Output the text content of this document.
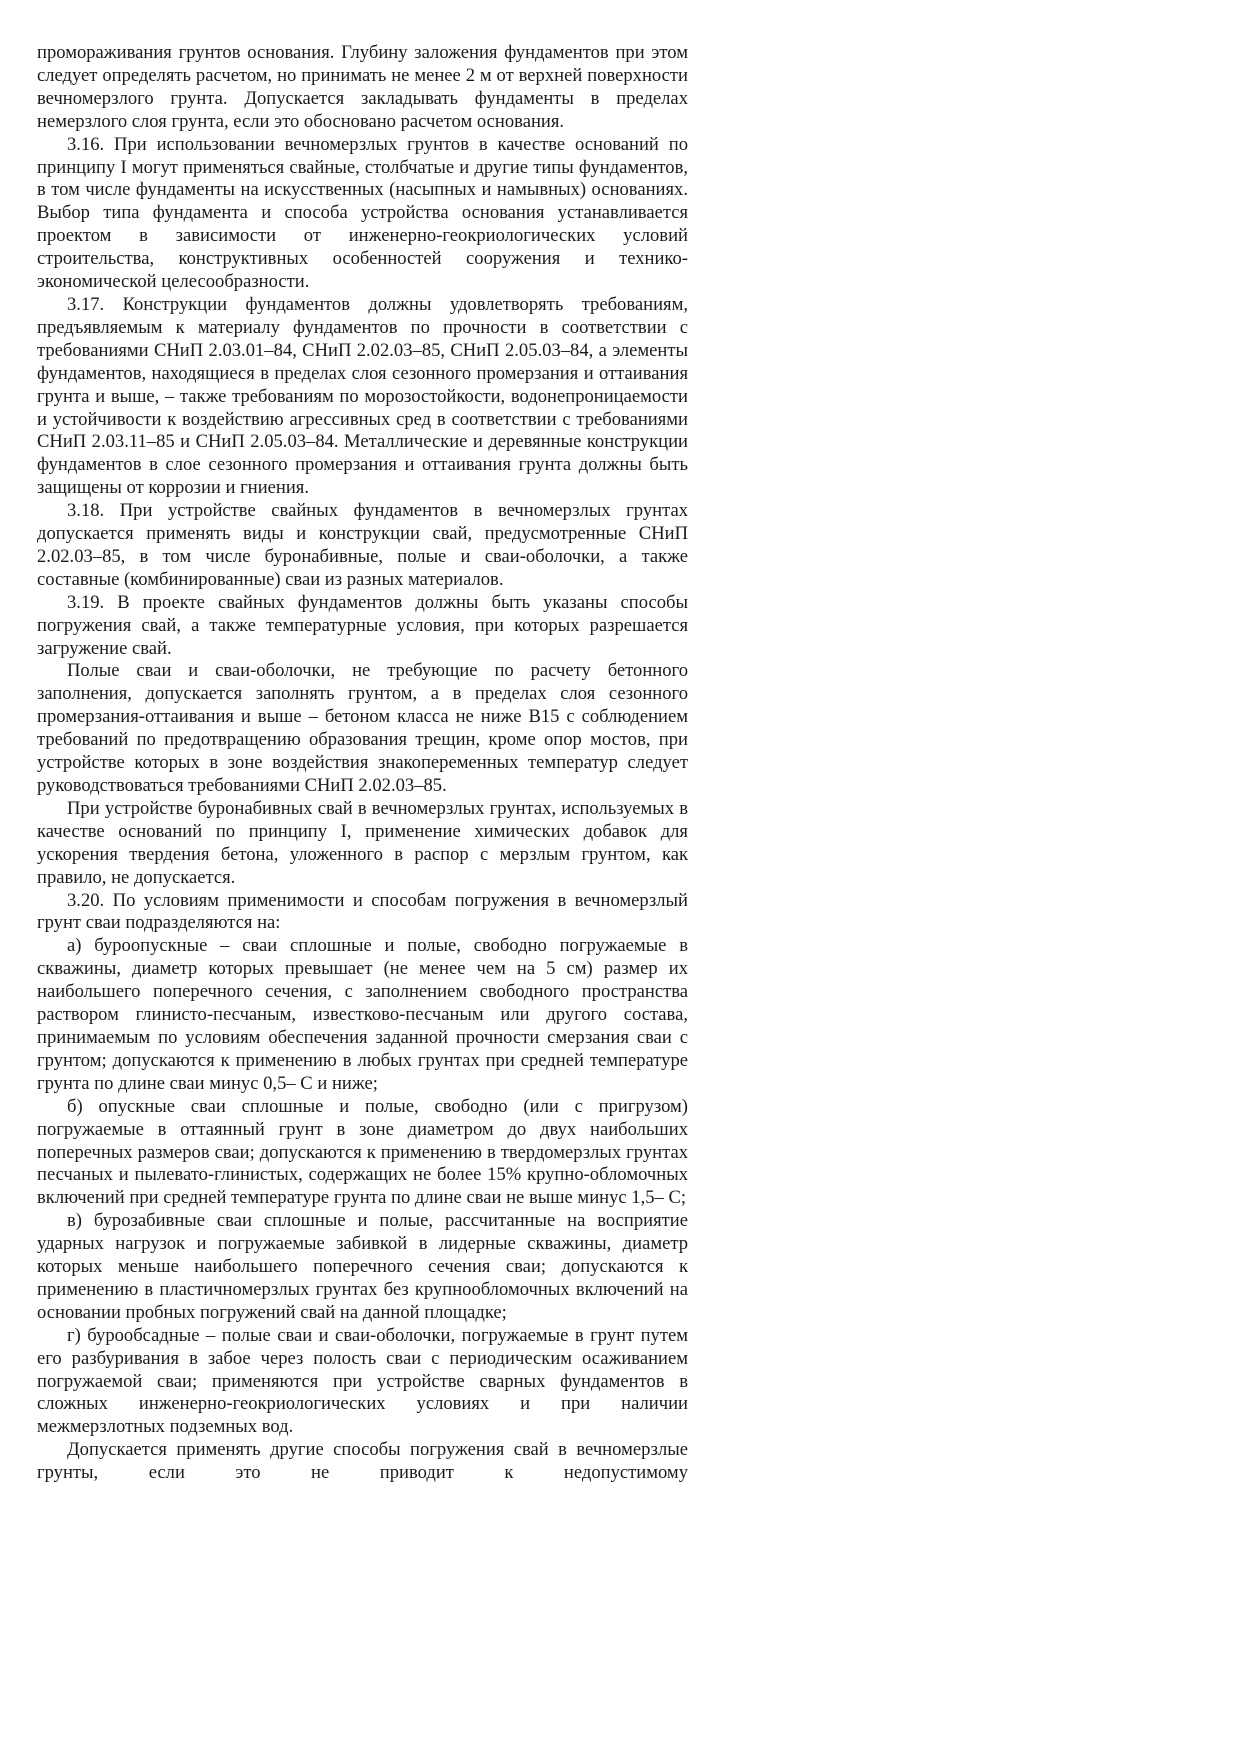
промораживания грунтов основания. Глубину заложения фундаментов при этом следует определять расчетом, но принимать не менее 2 м от верхней поверхности вечномерзлого грунта. Допускается закладывать фундаменты в пределах немерзлого слоя грунта, если это обосновано расчетом основания.

3.16. При использовании вечномерзлых грунтов в качестве оснований по принципу I могут применяться свайные, столбчатые и другие типы фундаментов, в том числе фундаменты на искусственных (насыпных и намывных) основаниях. Выбор типа фундамента и способа устройства основания устанавливается проектом в зависимости от инженерно-геокриологических условий строительства, конструктивных особенностей сооружения и технико-экономической целесообразности.

3.17. Конструкции фундаментов должны удовлетворять требованиям, предъявляемым к материалу фундаментов по прочности в соответствии с требованиями СНиП 2.03.01–84, СНиП 2.02.03–85, СНиП 2.05.03–84, а элементы фундаментов, находящиеся в пределах слоя сезонного промерзания и оттаивания грунта и выше, – также требованиям по морозостойкости, водонепроницаемости и устойчивости к воздействию агрессивных сред в соответствии с требованиями СНиП 2.03.11–85 и СНиП 2.05.03–84. Металлические и деревянные конструкции фундаментов в слое сезонного промерзания и оттаивания грунта должны быть защищены от коррозии и гниения.

3.18. При устройстве свайных фундаментов в вечномерзлых грунтах допускается применять виды и конструкции свай, предусмотренные СНиП 2.02.03–85, в том числе буронабивные, полые и сваи-оболочки, а также составные (комбинированные) сваи из разных материалов.

3.19. В проекте свайных фундаментов должны быть указаны способы погружения свай, а также температурные условия, при которых разрешается загружение свай.

Полые сваи и сваи-оболочки, не требующие по расчету бетонного заполнения, допускается заполнять грунтом, а в пределах слоя сезонного промерзания-оттаивания и выше – бетоном класса не ниже В15 с соблюдением требований по предотвращению образования трещин, кроме опор мостов, при устройстве которых в зоне воздействия знакопеременных температур следует руководствоваться требованиями СНиП 2.02.03–85.

При устройстве буронабивных свай в вечномерзлых грунтах, используемых в качестве оснований по принципу I, применение химических добавок для ускорения твердения бетона, уложенного в распор с мерзлым грунтом, как правило, не допускается.

3.20. По условиям применимости и способам погружения в вечномерзлый грунт сваи подразделяются на:

а) буроопускные – сваи сплошные и полые, свободно погружаемые в скважины, диаметр которых превышает (не менее чем на 5 см) размер их наибольшего поперечного сечения, с заполнением свободного пространства раствором глинисто-песчаным, известково-песчаным или другого состава, принимаемым по условиям обеспечения заданной прочности смерзания сваи с грунтом; допускаются к применению в любых грунтах при средней температуре грунта по длине сваи минус 0,5– С и ниже;

б) опускные сваи сплошные и полые, свободно (или с пригрузом) погружаемые в оттаянный грунт в зоне диаметром до двух наибольших поперечных размеров сваи; допускаются к применению в твердомерзлых грунтах песчаных и пылевато-глинистых, содержащих не более 15% крупно-обломочных включений при средней температуре грунта по длине сваи не выше минус 1,5– С;

в) бурозабивные сваи сплошные и полые, рассчитанные на восприятие ударных нагрузок и погружаемые забивкой в лидерные скважины, диаметр которых меньше наибольшего поперечного сечения сваи; допускаются к применению в пластичномерзлых грунтах без крупнообломочных включений на основании пробных погружений свай на данной площадке;

г) бурообсадные – полые сваи и сваи-оболочки, погружаемые в грунт путем его разбуривания в забое через полость сваи с периодическим осаживанием погружаемой сваи; применяются при устройстве сварных фундаментов в сложных инженерно-геокриологических условиях и при наличии межмерзлотных подземных вод.

Допускается применять другие способы погружения свай в вечномерзлые грунты, если это не приводит к недопустимому
